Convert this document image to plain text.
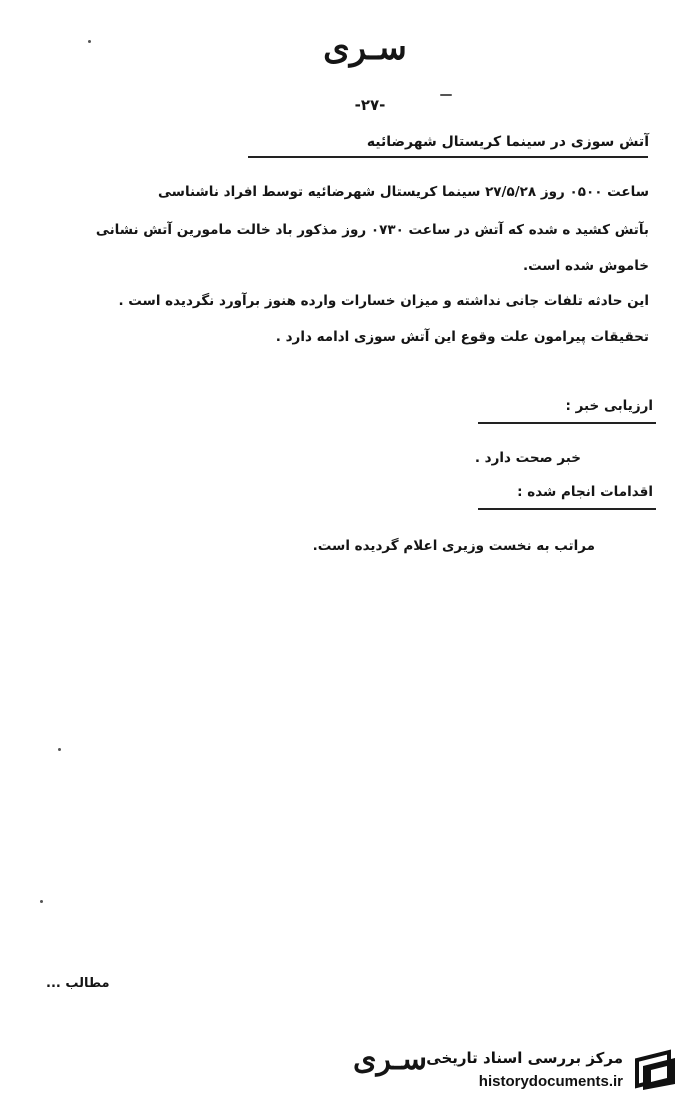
سـری
-۲۷-
آتش سوزی در سینما کریستال شهرضائیه
ساعت ۰۵۰۰ روز ۲۷/۵/۲۸ سینما کریستال شهرضائیه توسط افراد ناشناسی
بآتش کشید ه شده که آتش در ساعت ۰۷۳۰ روز مذکور باد خالت مامورین آتش نشانی
خاموش شده است.
این حادثه تلفات جانی نداشته و میزان خسارات وارده هنوز برآورد نگردیده است .
تحقیقات پیرامون علت وقوع این آتش سوزی ادامه دارد .
ارزیابی خبر :
خبر صحت دارد .
اقدامات انجام شده :
مراتب به نخست وزیری اعلام گردیده است.
مطالب ...
سـری مرکز بررسی اسناد تاریخی
historydocuments.ir
